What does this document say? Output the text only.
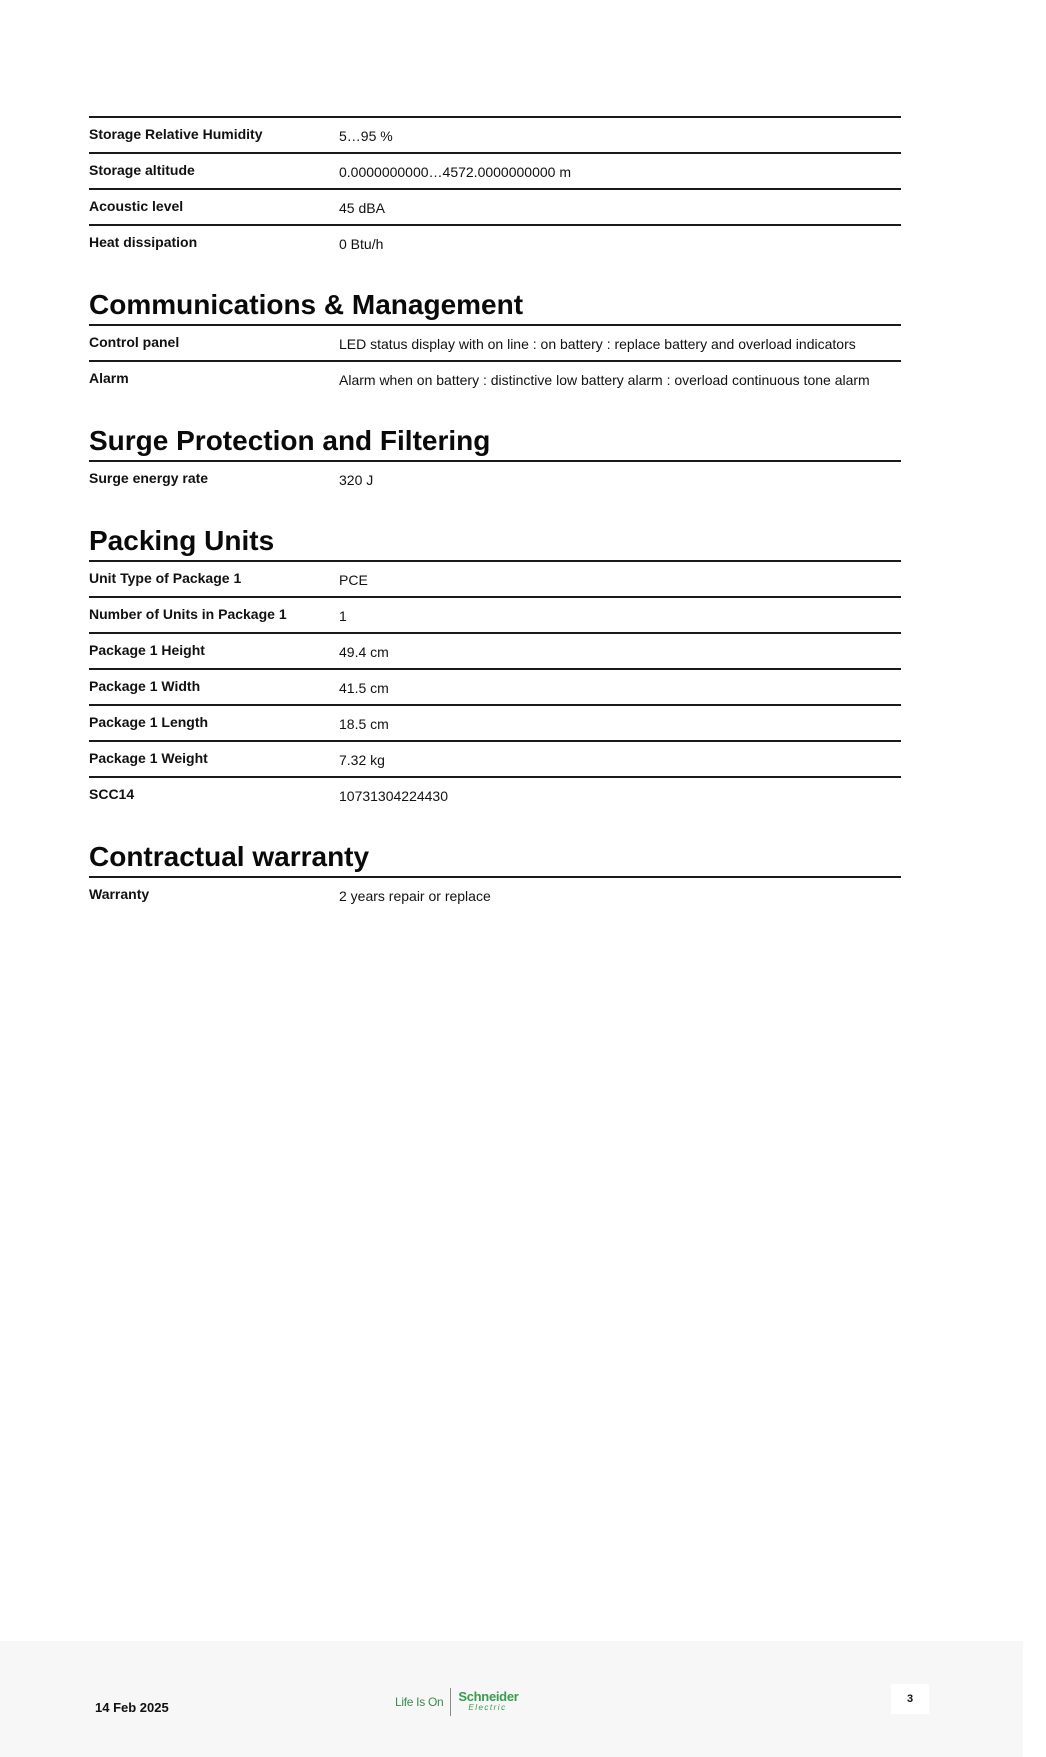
Storage Relative Humidity	5…95 %
Storage altitude	0.0000000000…4572.0000000000 m
Acoustic level	45 dBA
Heat dissipation	0 Btu/h
Communications & Management
Control panel	LED status display with on line : on battery : replace battery and overload indicators
Alarm	Alarm when on battery : distinctive low battery alarm : overload continuous tone alarm
Surge Protection and Filtering
Surge energy rate	320 J
Packing Units
Unit Type of Package 1	PCE
Number of Units in Package 1	1
Package 1 Height	49.4 cm
Package 1 Width	41.5 cm
Package 1 Length	18.5 cm
Package 1 Weight	7.32 kg
SCC14	10731304224430
Contractual warranty
Warranty	2 years repair or replace
14 Feb 2025	Life Is On Schneider
Electric
3
